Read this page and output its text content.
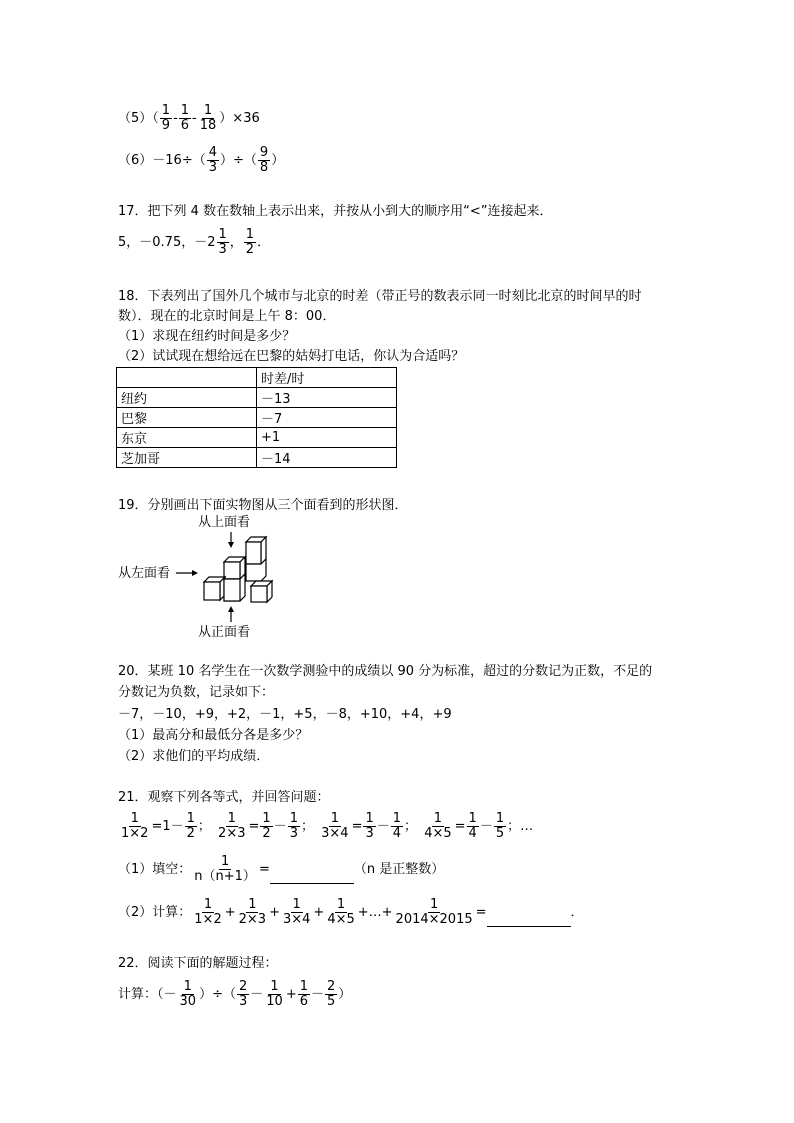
$(5)( \frac{1}{9} - \frac{1}{6} - \frac{1}{18} )\times 36$
$(6)-16\div( \frac{4}{3}$ ）÷（ $\frac{9}{8}$ ）
17．把下列 4 数在数轴上表示出来，并按从小到大的顺序用“<”连接起来．
5，－0.75，$-2 \frac{1}{3}$ ， $\frac{1}{2}$ ．
18．下表列出了国外几个城市与北京的时差（带正号的数表示同一时刻比北京的时间早的时
数）．现在的北京时间是上午 8：00．
（1）求现在纽约时间是多少？
（2）试试现在想给远在巴黎的姑妈打电话，你认为合适吗？
	时差/时
纽约	－13
巴黎	－7
东京	+1
芝加哥	－14
19．分别画出下面实物图从三个面看到的形状图．
从上面看
从左面看
从正面看
20．某班 10 名学生在一次数学测验中的成绩以 90 分为标准，超过的分数记为正数，不足的
分数记为负数，记录如下：
－7，－10，+9，+2，－1，+5，－8，+10，+4，+9
（1）最高分和最低分各是多少？
（2）求他们的平均成绩．
21．观察下列各等式，并回答问题：
$\frac{1}{1\times 2} =1- \frac{1}{2}$ ； $\frac{1}{2\times 3} = \frac{1}{2} - \frac{1}{3}$ ； $\frac{1}{3\times 4} = \frac{1}{3} - \frac{1}{4}$ ； $\frac{1}{4\times 5} = \frac{1}{4} - \frac{1}{5}$ ；…
（1）填空： $\frac{1}{n(n+1)}$ =	（n 是正整数）
（2）计算： $\frac{1}{1\times 2} + \frac{1}{2\times 3} + \frac{1}{3\times 4} + \frac{1}{4\times 5}$ +…+ $\frac{1}{2014\times 2015}$ =	．
22．阅读下面的解题过程：
计算：（－ $\frac{1}{30}$ ）÷（ $\frac{2}{3} - \frac{1}{10} + \frac{1}{6} - \frac{2}{5}$ ）
